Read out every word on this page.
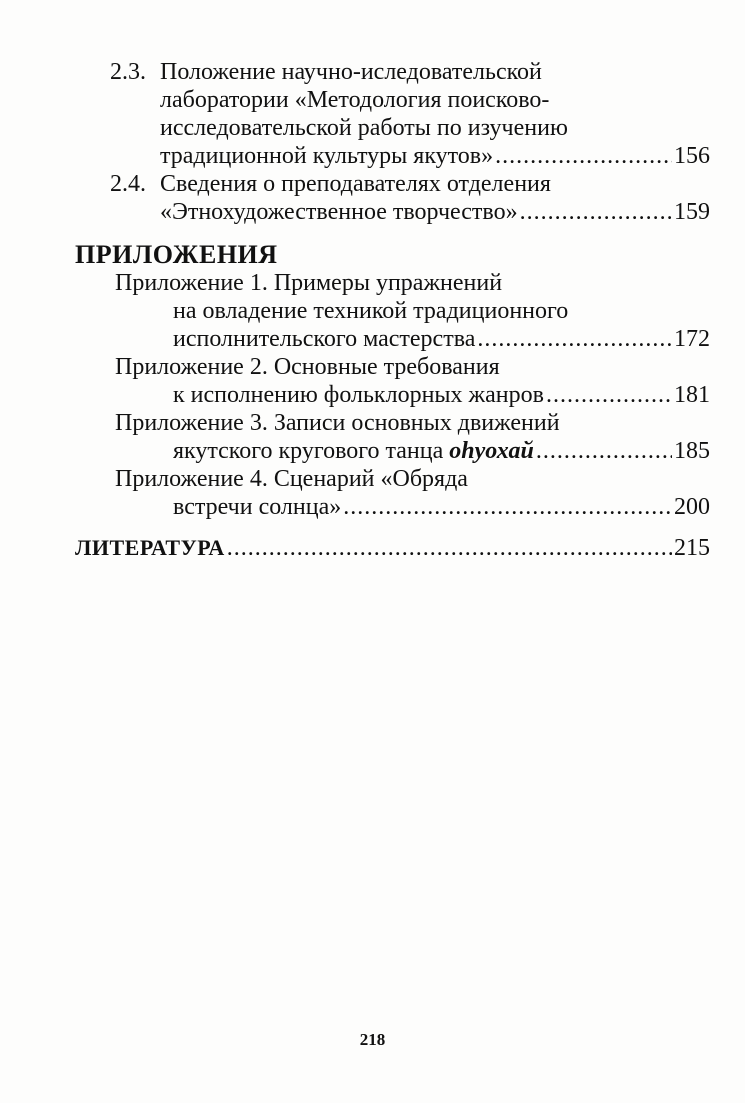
2.3. Положение научно-иследовательской
лаборатории «Методология поисково-
исследовательской работы по изучению
традиционной культуры якутов» .....	156
2.4. Сведения о преподавателях отделения
«Этнохудожественное творчество» .....	159
ПРИЛОЖЕНИЯ
Приложение 1. Примеры упражнений
на овладение техникой традиционного
исполнительского мастерства .....	172
Приложение 2. Основные требования
к исполнению фольклорных жанров .....	181
Приложение 3. Записи основных движений
якутского кругового танца оhуохай .....	185
Приложение 4. Сценарий «Обряда
встречи солнца» .....	200
ЛИТЕРАТУРА .....	215
218
